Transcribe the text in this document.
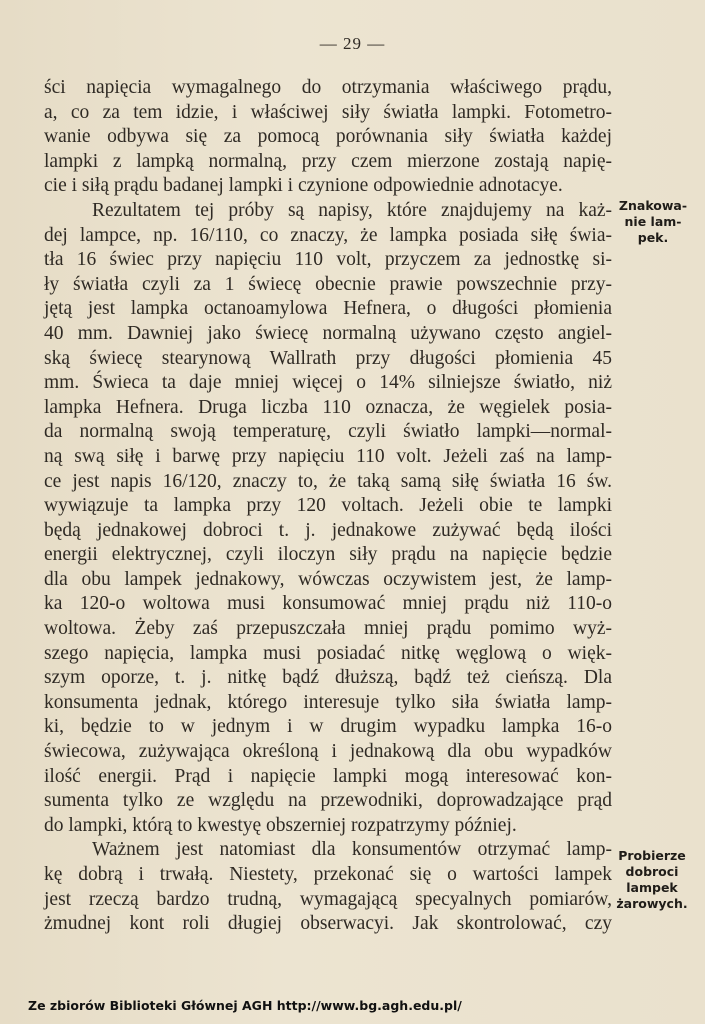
— 29 —
ści napięcia wymagalnego do otrzymania właściwego prądu,
a, co za tem idzie, i właściwej siły światła lampki. Fotometro-
wanie odbywa się za pomocą porównania siły światła każdej
lampki z lampką normalną, przy czem mierzone zostają napię-
cie i siłą prądu badanej lampki i czynione odpowiednie adnotacye.
Rezultatem tej próby są napisy, które znajdujemy na każ-
dej lampce, np. 16/110, co znaczy, że lampka posiada siłę świa-
tła 16 świec przy napięciu 110 volt, przyczem za jednostkę si-
ły światła czyli za 1 świecę obecnie prawie powszechnie przy-
jętą jest lampka octanoamylowa Hefnera, o długości płomienia
40 mm. Dawniej jako świecę normalną używano często angiel-
ską świecę stearynową Wallrath przy długości płomienia 45
mm. Świeca ta daje mniej więcej o 14% silniejsze światło, niż
lampka Hefnera. Druga liczba 110 oznacza, że węgielek posia-
da normalną swoją temperaturę, czyli światło lampki—normal-
ną swą siłę i barwę przy napięciu 110 volt. Jeżeli zaś na lamp-
ce jest napis 16/120, znaczy to, że taką samą siłę światła 16 św.
wywiązuje ta lampka przy 120 voltach. Jeżeli obie te lampki
będą jednakowej dobroci t. j. jednakowe zużywać będą ilości
energii elektrycznej, czyli iloczyn siły prądu na napięcie będzie
dla obu lampek jednakowy, wówczas oczywistem jest, że lamp-
ka 120-o woltowa musi konsumować mniej prądu niż 110-o
woltowa. Żeby zaś przepuszczała mniej prądu pomimo wyż-
szego napięcia, lampka musi posiadać nitkę węglową o więk-
szym oporze, t. j. nitkę bądź dłuższą, bądź też cieńszą. Dla
konsumenta jednak, którego interesuje tylko siła światła lamp-
ki, będzie to w jednym i w drugim wypadku lampka 16-o
świecowa, zużywająca określoną i jednakową dla obu wypadków
ilość energii. Prąd i napięcie lampki mogą interesować kon-
sumenta tylko ze względu na przewodniki, doprowadzające prąd
do lampki, którą to kwestyę obszerniej rozpatrzymy później.
Ważnem jest natomiast dla konsumentów otrzymać lamp-
kę dobrą i trwałą. Niestety, przekonać się o wartości lampek
jest rzeczą bardzo trudną, wymagającą specyalnych pomiarów,
żmudnej kont roli długiej obserwacyi. Jak skontrolować, czy
Znakowa-
nie lam-
pek.
Probierze
dobroci
lampek
żarowych.
Ze zbiorów Biblioteki Głównej AGH http://www.bg.agh.edu.pl/
